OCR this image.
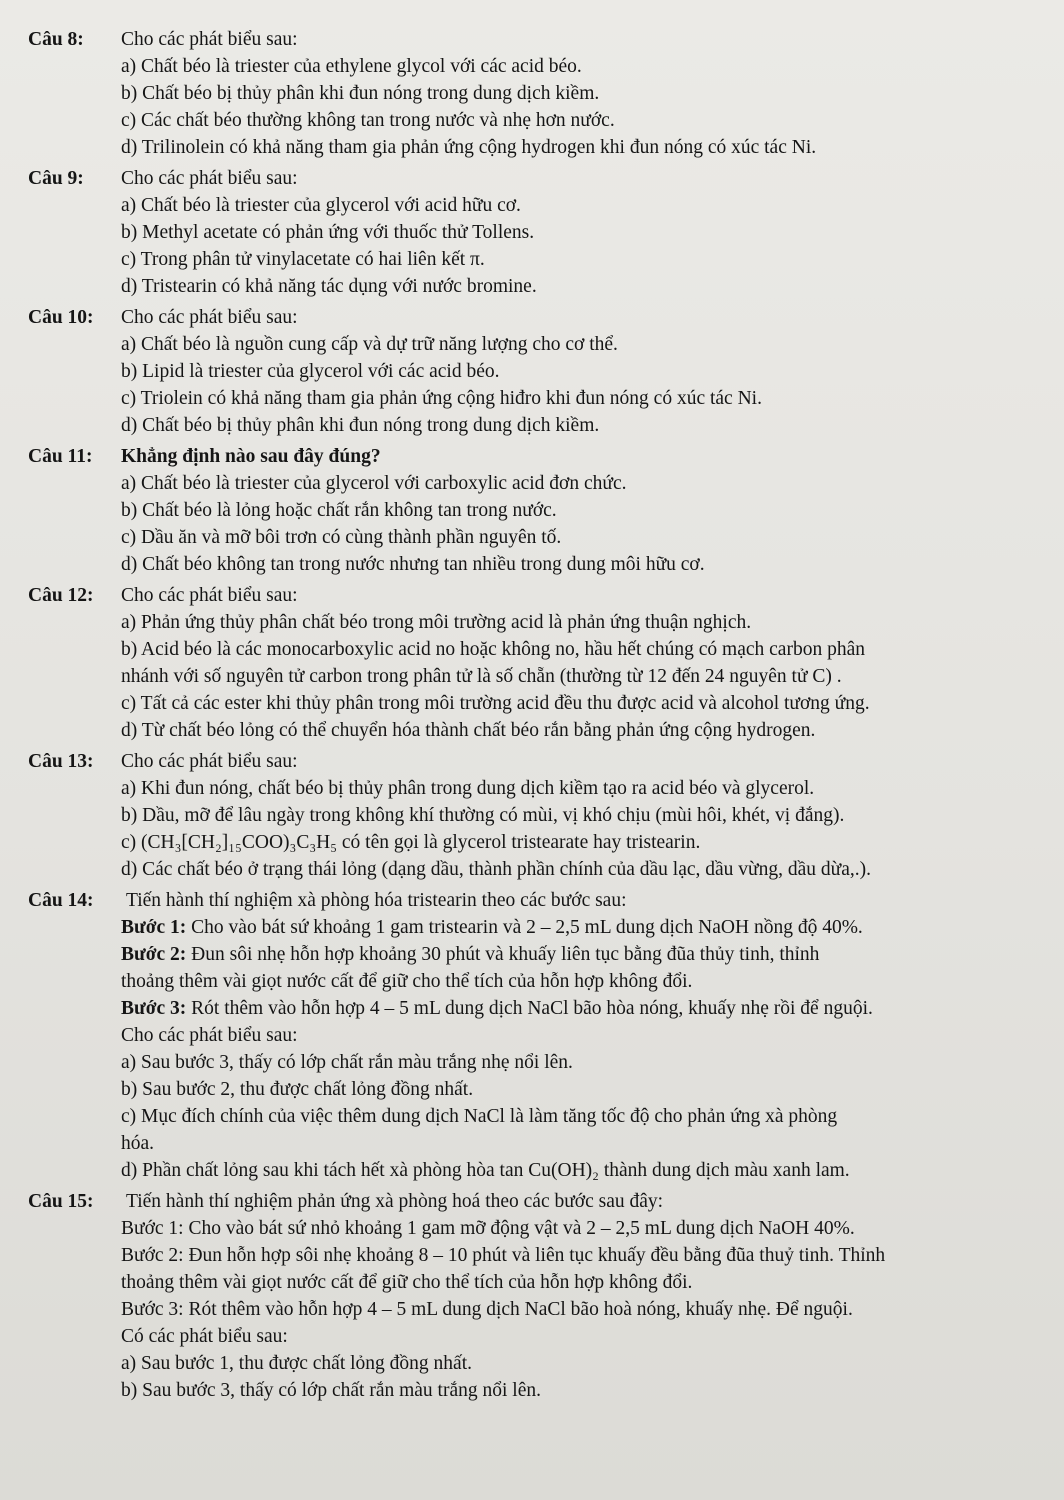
Câu 8:	Cho các phát biểu sau:
a) Chất béo là triester của ethylene glycol với các acid béo.
b) Chất béo bị thủy phân khi đun nóng trong dung dịch kiềm.
c) Các chất béo thường không tan trong nước và nhẹ hơn nước.
d) Trilinolein có khả năng tham gia phản ứng cộng hydrogen khi đun nóng có xúc tác Ni.
Câu 9:	Cho các phát biểu sau:
a) Chất béo là triester của glycerol với acid hữu cơ.
b) Methyl acetate có phản ứng với thuốc thử Tollens.
c) Trong phân tử vinylacetate có hai liên kết π.
d) Tristearin có khả năng tác dụng với nước bromine.
Câu 10:	Cho các phát biểu sau:
a) Chất béo là nguồn cung cấp và dự trữ năng lượng cho cơ thể.
b) Lipid là triester của glycerol với các acid béo.
c) Triolein có khả năng tham gia phản ứng cộng hiđro khi đun nóng có xúc tác Ni.
d) Chất béo bị thủy phân khi đun nóng trong dung dịch kiềm.
Câu 11:	Khẳng định nào sau đây đúng?
a) Chất béo là triester của glycerol với carboxylic acid đơn chức.
b) Chất béo là lỏng hoặc chất rắn không tan trong nước.
c) Dầu ăn và mỡ bôi trơn có cùng thành phần nguyên tố.
d) Chất béo không tan trong nước nhưng tan nhiều trong dung môi hữu cơ.
Câu 12:	Cho các phát biểu sau:
a) Phản ứng thủy phân chất béo trong môi trường acid là phản ứng thuận nghịch.
b) Acid béo là các monocarboxylic acid no hoặc không no, hầu hết chúng có mạch carbon phân
nhánh với số nguyên tử carbon trong phân tử là số chẵn (thường từ 12 đến 24 nguyên tử C) .
c) Tất cả các ester khi thủy phân trong môi trường acid đều thu được acid và alcohol tương ứng.
d) Từ chất béo lỏng có thể chuyển hóa thành chất béo rắn bằng phản ứng cộng hydrogen.
Câu 13:	Cho các phát biểu sau:
a) Khi đun nóng, chất béo bị thủy phân trong dung dịch kiềm tạo ra acid béo và glycerol.
b) Dầu, mỡ để lâu ngày trong không khí thường có mùi, vị khó chịu (mùi hôi, khét, vị đắng).
c) (CH₃[CH₂]₁₅COO)₃C₃H₅ có tên gọi là glycerol tristearate hay tristearin.
d) Các chất béo ở trạng thái lỏng (dạng dầu, thành phần chính của dầu lạc, dầu vừng, dầu dừa,.).
Câu 14:	Tiến hành thí nghiệm xà phòng hóa tristearin theo các bước sau:
Bước 1: Cho vào bát sứ khoảng 1 gam tristearin và 2 – 2,5 mL dung dịch NaOH nồng độ 40%.
Bước 2: Đun sôi nhẹ hỗn hợp khoảng 30 phút và khuấy liên tục bằng đũa thủy tinh, thỉnh
thoảng thêm vài giọt nước cất để giữ cho thể tích của hỗn hợp không đổi.
Bước 3: Rót thêm vào hỗn hợp 4 – 5 mL dung dịch NaCl bão hòa nóng, khuấy nhẹ rồi để nguội.
Cho các phát biểu sau:
a) Sau bước 3, thấy có lớp chất rắn màu trắng nhẹ nổi lên.
b) Sau bước 2, thu được chất lỏng đồng nhất.
c) Mục đích chính của việc thêm dung dịch NaCl là làm tăng tốc độ cho phản ứng xà phòng
hóa.
d) Phần chất lỏng sau khi tách hết xà phòng hòa tan Cu(OH)₂ thành dung dịch màu xanh lam.
Câu 15:	Tiến hành thí nghiệm phản ứng xà phòng hoá theo các bước sau đây:
Bước 1: Cho vào bát sứ nhỏ khoảng 1 gam mỡ động vật và 2 – 2,5 mL dung dịch NaOH 40%.
Bước 2: Đun hỗn hợp sôi nhẹ khoảng 8 – 10 phút và liên tục khuấy đều bằng đũa thuỷ tinh. Thỉnh
thoảng thêm vài giọt nước cất để giữ cho thể tích của hỗn hợp không đổi.
Bước 3: Rót thêm vào hỗn hợp 4 – 5 mL dung dịch NaCl bão hoà nóng, khuấy nhẹ. Để nguội.
Có các phát biểu sau:
a) Sau bước 1, thu được chất lỏng đồng nhất.
b) Sau bước 3, thấy có lớp chất rắn màu trắng nổi lên.
